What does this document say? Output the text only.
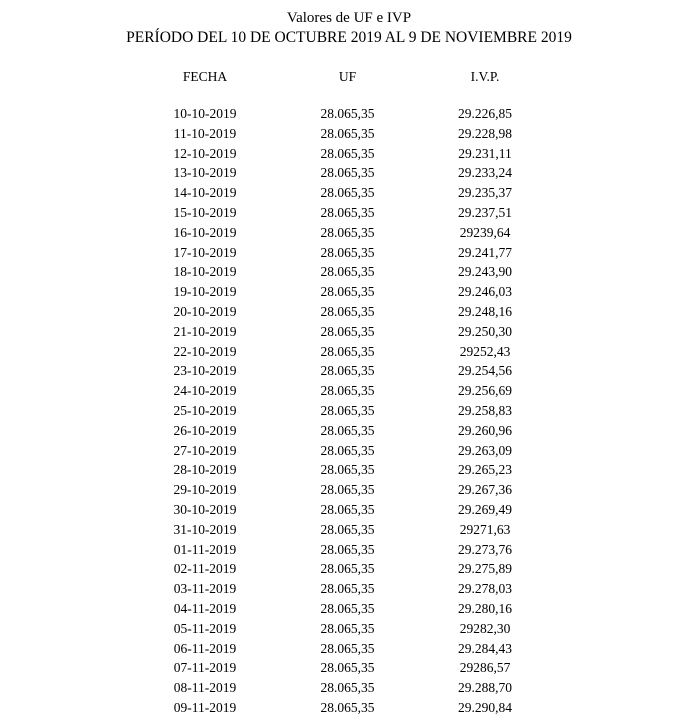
Valores de UF e IVP
PERÍODO DEL 10 DE OCTUBRE 2019 AL 9 DE NOVIEMBRE 2019
FECHA	UF	I.V.P.
10-10-2019	28.065,35	29.226,85
11-10-2019	28.065,35	29.228,98
12-10-2019	28.065,35	29.231,11
13-10-2019	28.065,35	29.233,24
14-10-2019	28.065,35	29.235,37
15-10-2019	28.065,35	29.237,51
16-10-2019	28.065,35	29239,64
17-10-2019	28.065,35	29.241,77
18-10-2019	28.065,35	29.243,90
19-10-2019	28.065,35	29.246,03
20-10-2019	28.065,35	29.248,16
21-10-2019	28.065,35	29.250,30
22-10-2019	28.065,35	29252,43
23-10-2019	28.065,35	29.254,56
24-10-2019	28.065,35	29.256,69
25-10-2019	28.065,35	29.258,83
26-10-2019	28.065,35	29.260,96
27-10-2019	28.065,35	29.263,09
28-10-2019	28.065,35	29.265,23
29-10-2019	28.065,35	29.267,36
30-10-2019	28.065,35	29.269,49
31-10-2019	28.065,35	29271,63
01-11-2019	28.065,35	29.273,76
02-11-2019	28.065,35	29.275,89
03-11-2019	28.065,35	29.278,03
04-11-2019	28.065,35	29.280,16
05-11-2019	28.065,35	29282,30
06-11-2019	28.065,35	29.284,43
07-11-2019	28.065,35	29286,57
08-11-2019	28.065,35	29.288,70
09-11-2019	28.065,35	29.290,84
